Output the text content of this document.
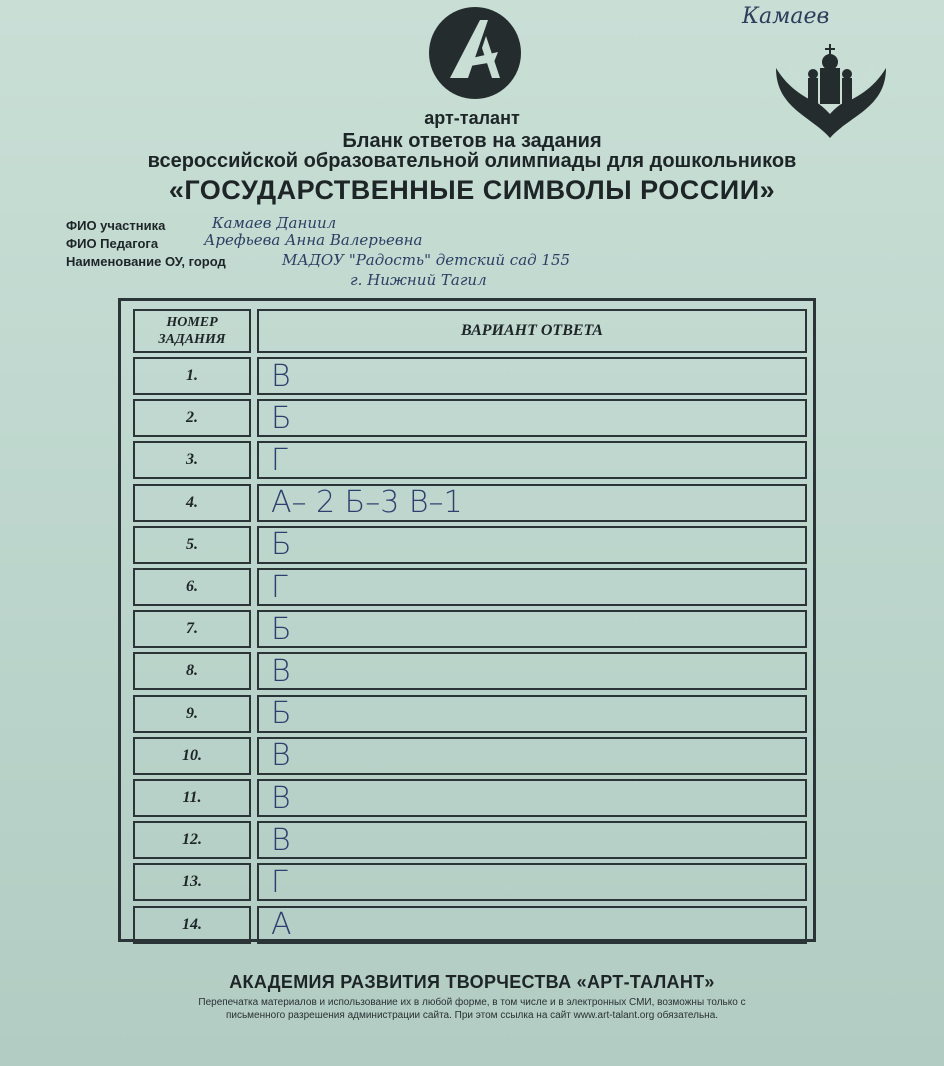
Камаев
арт-талант
Бланк ответов на задания
всероссийской образовательной олимпиады для дошкольников
«ГОСУДАРСТВЕННЫЕ СИМВОЛЫ РОССИИ»
ФИО участника	Камаев Даниил
ФИО Педагога	Арефьева Анна Валерьевна
Наименование ОУ, город	МАДОУ "Радость" детский сад 155
г. Нижний Тагил
НОМЕР ЗАДАНИЯ
ВАРИАНТ ОТВЕТА
1.	В
2.	Б
3.	Г
4.	А– 2 Б–3 В–1
5.	Б
6.	Г
7.	Б
8.	В
9.	Б
10.	В
11.	В
12.	В
13.	Г
14.	А
АКАДЕМИЯ РАЗВИТИЯ ТВОРЧЕСТВА «АРТ-ТАЛАНТ»
Перепечатка материалов и использование их в любой форме, в том числе и в электронных СМИ, возможны только с
письменного разрешения администрации сайта. При этом ссылка на сайт www.art-talant.org обязательна.
